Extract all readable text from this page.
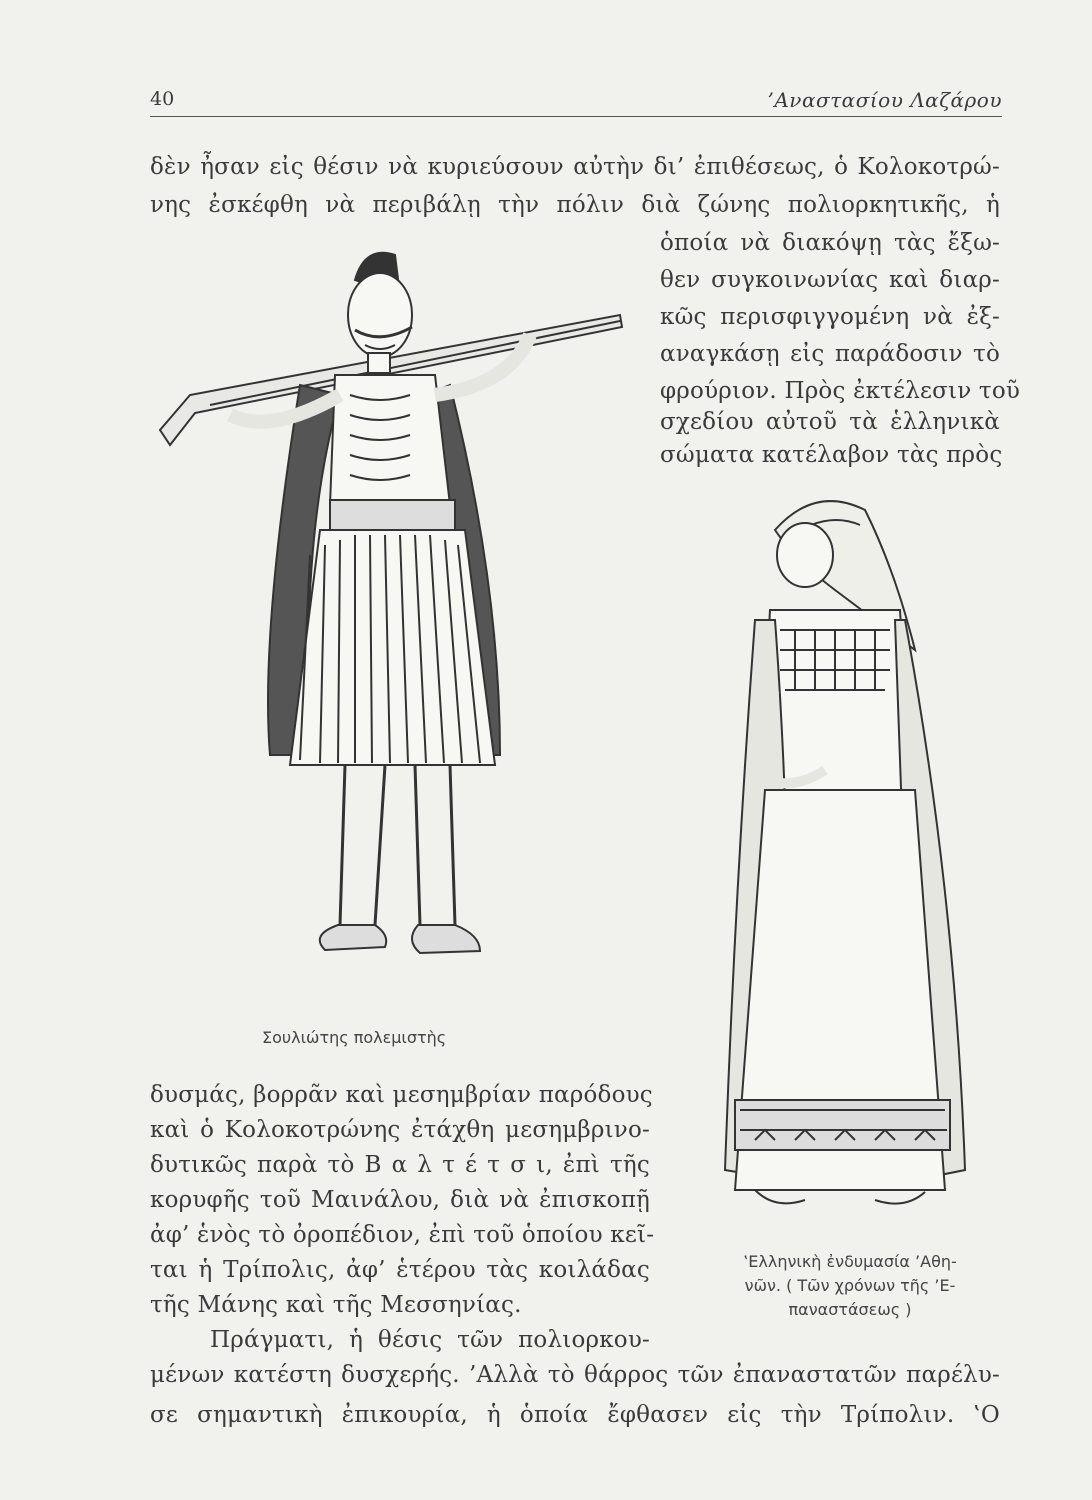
40	’Αναστασίου Λαζάρου
δὲν ἦσαν εἰς θέσιν νὰ κυριεύσουν αὐτὴν δι’ ἐπιθέσεως, ὁ Κολοκοτρώ-
νης ἐσκέφθη νὰ περιβάλῃ τὴν πόλιν διὰ ζώνης πολιορκητικῆς, ἡ
ὁποία νὰ διακόψῃ τὰς ἔξω-
θεν συγκοινωνίας καὶ διαρ-
κῶς περισφιγγομένη νὰ ἐξ-
αναγκάσῃ εἰς παράδοσιν τὸ
φρούριον. Πρὸς ἐκτέλεσιν τοῦ
σχεδίου αὐτοῦ τὰ ἑλληνικὰ
σώματα κατέλαβον τὰς πρὸς
Σουλιώτης πολεμιστὴς
δυσμάς, βορρᾶν καὶ μεσημβρίαν παρόδους
καὶ ὁ Κολοκοτρώνης ἐτάχθη μεσημβρινο-
δυτικῶς παρὰ τὸ Β α λ τ έ τ σ ι, ἐπὶ τῆς
κορυφῆς τοῦ Μαινάλου, διὰ νὰ ἐπισκοπῇ
ἀφ’ ἑνὸς τὸ ὀροπέδιον, ἐπὶ τοῦ ὁποίου κεῖ-
ται ἡ Τρίπολις, ἀφ’ ἑτέρου τὰς κοιλάδας
τῆς Μάνης καὶ τῆς Μεσσηνίας.
Πράγματι, ἡ θέσις τῶν πολιορκου-
‛Ελληνικὴ ἐνδυμασία ’Αθη-
νῶν. ( Τῶν χρόνων τῆς ’Ε-
παναστάσεως )
μένων κατέστη δυσχερής. ’Αλλὰ τὸ θάρρος τῶν ἐπαναστατῶν παρέλυ-
σε σημαντικὴ ἐπικουρία, ἡ ὁποία ἔφθασεν εἰς τὴν Τρίπολιν. ‛Ο
